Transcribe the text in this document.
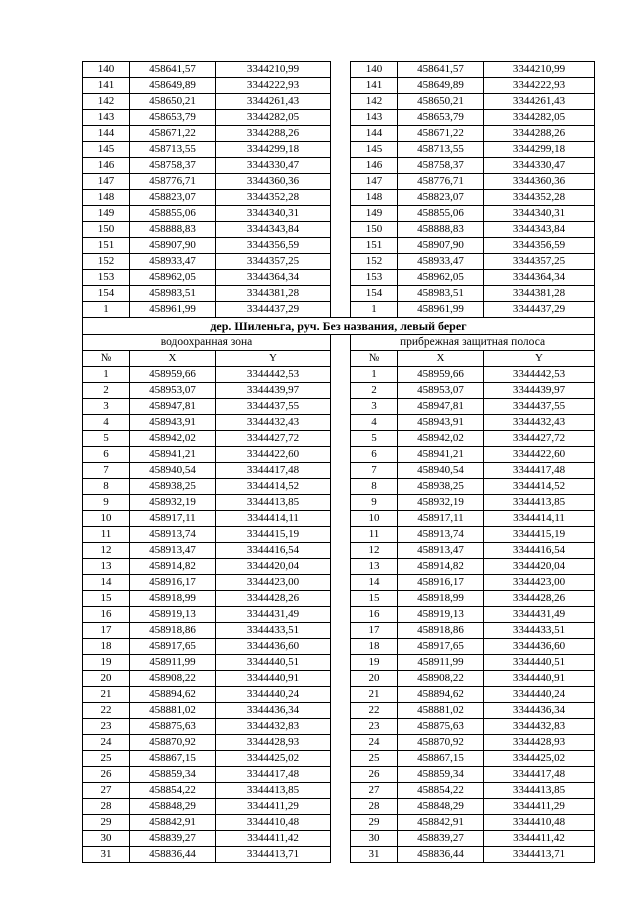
140	458641,57	3344210,99		140	458641,57	3344210,99
141	458649,89	3344222,93		141	458649,89	3344222,93
142	458650,21	3344261,43		142	458650,21	3344261,43
143	458653,79	3344282,05		143	458653,79	3344282,05
144	458671,22	3344288,26		144	458671,22	3344288,26
145	458713,55	3344299,18		145	458713,55	3344299,18
146	458758,37	3344330,47		146	458758,37	3344330,47
147	458776,71	3344360,36		147	458776,71	3344360,36
148	458823,07	3344352,28		148	458823,07	3344352,28
149	458855,06	3344340,31		149	458855,06	3344340,31
150	458888,83	3344343,84		150	458888,83	3344343,84
151	458907,90	3344356,59		151	458907,90	3344356,59
152	458933,47	3344357,25		152	458933,47	3344357,25
153	458962,05	3344364,34		153	458962,05	3344364,34
154	458983,51	3344381,28		154	458983,51	3344381,28
1	458961,99	3344437,29		1	458961,99	3344437,29
дер. Шиленьга, руч. Без названия, левый берег						
водоохранная зона				прибрежная защитная полоса		
№	X	Y		№	X	Y
1	458959,66	3344442,53		1	458959,66	3344442,53
2	458953,07	3344439,97		2	458953,07	3344439,97
3	458947,81	3344437,55		3	458947,81	3344437,55
4	458943,91	3344432,43		4	458943,91	3344432,43
5	458942,02	3344427,72		5	458942,02	3344427,72
6	458941,21	3344422,60		6	458941,21	3344422,60
7	458940,54	3344417,48		7	458940,54	3344417,48
8	458938,25	3344414,52		8	458938,25	3344414,52
9	458932,19	3344413,85		9	458932,19	3344413,85
10	458917,11	3344414,11		10	458917,11	3344414,11
11	458913,74	3344415,19		11	458913,74	3344415,19
12	458913,47	3344416,54		12	458913,47	3344416,54
13	458914,82	3344420,04		13	458914,82	3344420,04
14	458916,17	3344423,00		14	458916,17	3344423,00
15	458918,99	3344428,26		15	458918,99	3344428,26
16	458919,13	3344431,49		16	458919,13	3344431,49
17	458918,86	3344433,51		17	458918,86	3344433,51
18	458917,65	3344436,60		18	458917,65	3344436,60
19	458911,99	3344440,51		19	458911,99	3344440,51
20	458908,22	3344440,91		20	458908,22	3344440,91
21	458894,62	3344440,24		21	458894,62	3344440,24
22	458881,02	3344436,34		22	458881,02	3344436,34
23	458875,63	3344432,83		23	458875,63	3344432,83
24	458870,92	3344428,93		24	458870,92	3344428,93
25	458867,15	3344425,02		25	458867,15	3344425,02
26	458859,34	3344417,48		26	458859,34	3344417,48
27	458854,22	3344413,85		27	458854,22	3344413,85
28	458848,29	3344411,29		28	458848,29	3344411,29
29	458842,91	3344410,48		29	458842,91	3344410,48
30	458839,27	3344411,42		30	458839,27	3344411,42
31	458836,44	3344413,71		31	458836,44	3344413,71
